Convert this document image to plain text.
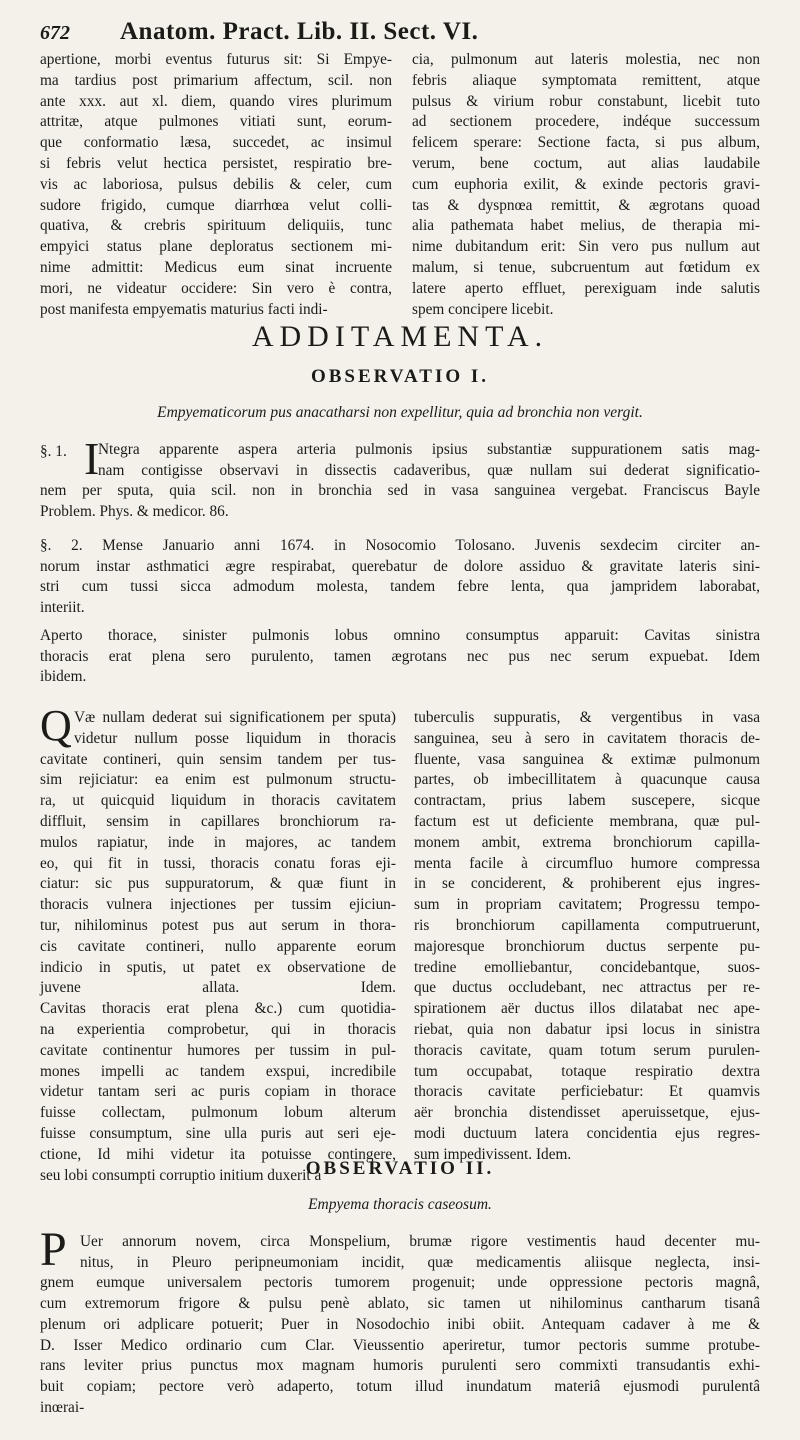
672 Anatom. Pract. Lib. II. Sect. VI.
apertione, morbi eventus futurus sit: Si Empye-
ma tardius post primarium affectum, scil. non
ante xxx. aut xl. diem, quando vires plurimum
attritæ, atque pulmones vitiati sunt, eorum-
que conformatio læsa, succedet, ac insimul
si febris velut hectica persistet, respiratio bre-
vis ac laboriosa, pulsus debilis & celer, cum
sudore frigido, cumque diarrhœa velut colli-
quativa, & crebris spirituum deliquiis, tunc
empyici status plane deploratus sectionem mi-
nime admittit: Medicus eum sinat incruente
mori, ne videatur occidere: Sin vero è contra,
post manifesta empyematis maturius facti indi-
cia, pulmonum aut lateris molestia, nec non
febris aliaque symptomata remittent, atque
pulsus & virium robur constabunt, licebit tuto
ad sectionem procedere, indéque successum
felicem sperare: Sectione facta, si pus album,
verum, bene coctum, aut alias laudabile
cum euphoria exilit, & exinde pectoris gravi-
tas & dyspnœa remittit, & ægrotans quoad
alia pathemata habet melius, de therapia mi-
nime dubitandum erit: Sin vero pus nullum aut
malum, si tenue, subcruentum aut fœtidum ex
latere aperto effluet, perexiguam inde salutis
spem concipere licebit.
ADDITAMENTA.
OBSERVATIO I.
Empyematicorum pus anacatharsi non expellitur, quia ad bronchia non vergit.
§. 1. I
Ntegra apparente aspera arteria pulmonis ipsius substantiæ suppurationem satis mag-
nam contigisse observavi in dissectis cadaveribus, quæ nullam sui dederat significatio-
nem per sputa, quia scil. non in bronchia sed in vasa sanguinea vergebat. Franciscus Bayle
Problem. Phys. & medicor. 86.
§. 2. Mense Januario anni 1674. in Nosocomio Tolosano. Juvenis sexdecim circiter an-
norum instar asthmatici ægre respirabat, querebatur de dolore assiduo & gravitate lateris sini-
stri cum tussi sicca admodum molesta, tandem febre lenta, qua jampridem laborabat,
interiit.
Aperto thorace, sinister pulmonis lobus omnino consumptus apparuit: Cavitas sinistra
thoracis erat plena sero purulento, tamen ægrotans nec pus nec serum expuebat. Idem
ibidem.
Q Væ nullam dederat sui significationem per sputa)
videtur nullum posse liquidum in thoracis
cavitate contineri, quin sensim tandem per tus-
sim rejiciatur: ea enim est pulmonum structu-
ra, ut quicquid liquidum in thoracis cavitatem
diffluit, sensim in capillares bronchiorum ra-
mulos rapiatur, inde in majores, ac tandem
eo, qui fit in tussi, thoracis conatu foras eji-
ciatur: sic pus suppuratorum, & quæ fiunt in
thoracis vulnera injectiones per tussim ejiciun-
tur, nihilominus potest pus aut serum in thora-
cis cavitate contineri, nullo apparente eorum
indicio in sputis, ut patet ex observatione de
juvene allata. Idem.
Cavitas thoracis erat plena &c.) cum quotidia-
na experientia comprobetur, qui in thoracis
cavitate continentur humores per tussim in pul-
mones impelli ac tandem exspui, incredibile
videtur tantam seri ac puris copiam in thorace
fuisse collectam, pulmonum lobum alterum
fuisse consumptum, sine ulla puris aut seri eje-
ctione, Id mihi videtur ita potuisse contingere,
seu lobi consumpti corruptio initium duxerit à
tuberculis suppuratis, & vergentibus in vasa
sanguinea, seu à sero in cavitatem thoracis de-
fluente, vasa sanguinea & extimæ pulmonum
partes, ob imbecillitatem à quacunque causa
contractam, prius labem suscepere, sicque
factum est ut deficiente membrana, quæ pul-
monem ambit, extrema bronchiorum capilla-
menta facile à circumfluo humore compressa
in se conciderent, & prohiberent ejus ingres-
sum in propriam cavitatem; Progressu tempo-
ris bronchiorum capillamenta computruerunt,
majoresque bronchiorum ductus serpente pu-
tredine emolliebantur, concidebantque, suos-
que ductus occludebant, nec attractus per re-
spirationem aër ductus illos dilatabat nec ape-
riebat, quia non dabatur ipsi locus in sinistra
thoracis cavitate, quam totum serum purulen-
tum occupabat, totaque respiratio dextra
thoracis cavitate perficiebatur: Et quamvis
aër bronchia distendisset aperuissetque, ejus-
modi ductuum latera concidentia ejus regres-
sum impedivissent. Idem.
OBSERVATIO II.
Empyema thoracis caseosum.
P Uer annorum novem, circa Monspelium, brumæ rigore vestimentis haud decenter mu-
nitus, in Pleuro peripneumoniam incidit, quæ medicamentis aliisque neglecta, insi-
gnem eumque universalem pectoris tumorem progenuit; unde oppressione pectoris magnâ,
cum extremorum frigore & pulsu penè ablato, sic tamen ut nihilominus cantharum tisanâ
plenum ori adplicare potuerit; Puer in Nosodochio inibi obiit. Antequam cadaver à me &
D. Isser Medico ordinario cum Clar. Vieussentio aperiretur, tumor pectoris summe protube-
rans leviter prius punctus mox magnam humoris purulenti sero commixti transudantis exhi-
buit copiam; pectore verò adaperto, totum illud inundatum materiâ ejusmodi purulentâ
inœrai-
